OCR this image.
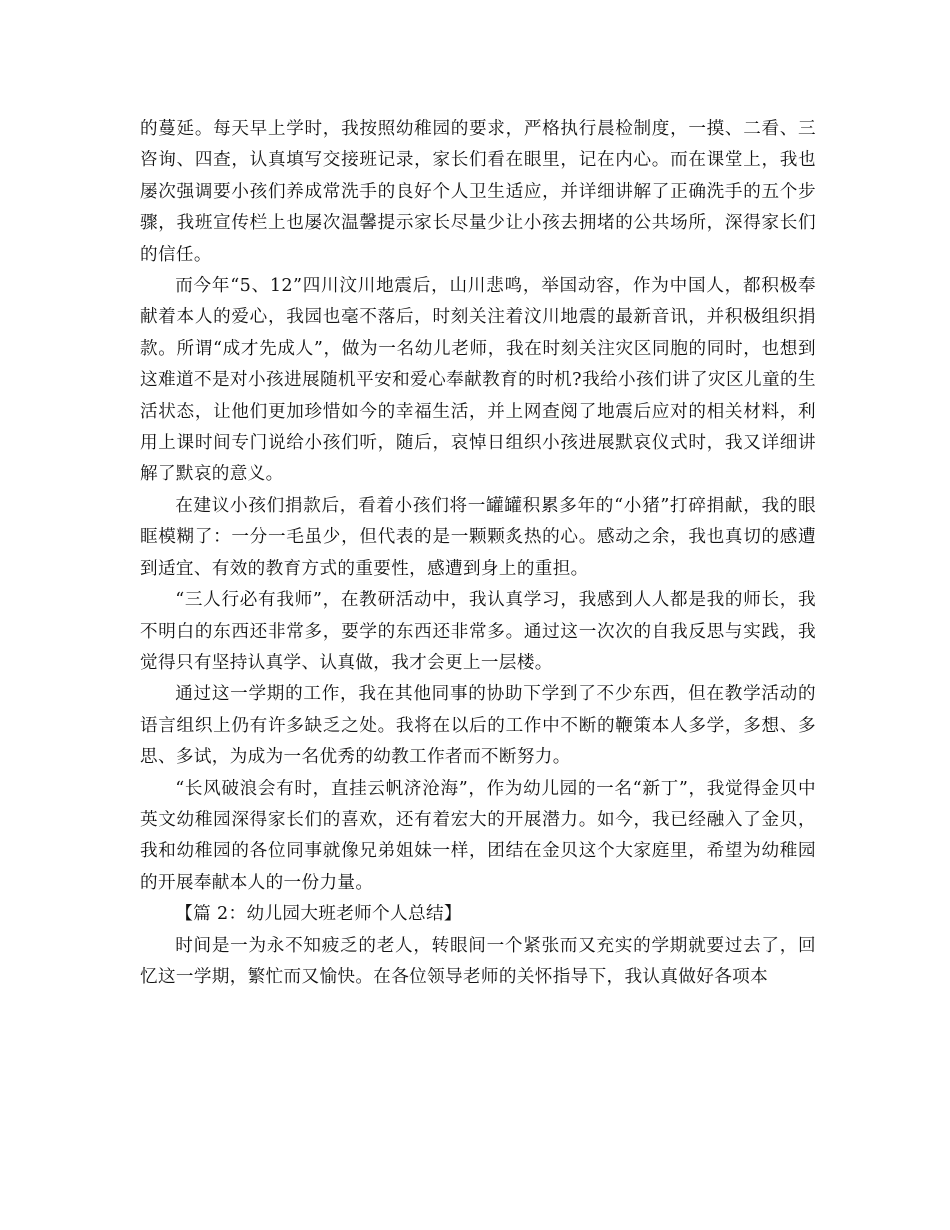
的蔓延。每天早上学时，我按照幼稚园的要求，严格执行晨检制度，一摸、二看、三咨询、四查，认真填写交接班记录，家长们看在眼里，记在内心。而在课堂上，我也屡次强调要小孩们养成常洗手的良好个人卫生适应，并详细讲解了正确洗手的五个步骤，我班宣传栏上也屡次温馨提示家长尽量少让小孩去拥堵的公共场所，深得家长们的信任。

而今年“5、12”四川汶川地震后，山川悲鸣，举国动容，作为中国人，都积极奉献着本人的爱心，我园也毫不落后，时刻关注着汶川地震的最新音讯，并积极组织捐款。所谓“成才先成人”，做为一名幼儿老师，我在时刻关注灾区同胞的同时，也想到这难道不是对小孩进展随机平安和爱心奉献教育的时机?我给小孩们讲了灾区儿童的生活状态，让他们更加珍惜如今的幸福生活，并上网查阅了地震后应对的相关材料，利用上课时间专门说给小孩们听，随后，哀悼日组织小孩进展默哀仪式时，我又详细讲解了默哀的意义。

在建议小孩们捐款后，看着小孩们将一罐罐积累多年的“小猪”打碎捐献，我的眼眶模糊了：一分一毛虽少，但代表的是一颗颗炙热的心。感动之余，我也真切的感遭到适宜、有效的教育方式的重要性，感遭到身上的重担。

“三人行必有我师”，在教研活动中，我认真学习，我感到人人都是我的师长，我不明白的东西还非常多，要学的东西还非常多。通过这一次次的自我反思与实践，我觉得只有坚持认真学、认真做，我才会更上一层楼。

通过这一学期的工作，我在其他同事的协助下学到了不少东西，但在教学活动的语言组织上仍有许多缺乏之处。我将在以后的工作中不断的鞭策本人多学，多想、多思、多试，为成为一名优秀的幼教工作者而不断努力。

“长风破浪会有时，直挂云帆济沧海”，作为幼儿园的一名“新丁”，我觉得金贝中英文幼稚园深得家长们的喜欢，还有着宏大的开展潜力。如今，我已经融入了金贝，我和幼稚园的各位同事就像兄弟姐妹一样，团结在金贝这个大家庭里，希望为幼稚园的开展奉献本人的一份力量。

【篇 2：幼儿园大班老师个人总结】

时间是一为永不知疲乏的老人，转眼间一个紧张而又充实的学期就要过去了，回忆这一学期，繁忙而又愉快。在各位领导老师的关怀指导下，我认真做好各项本
